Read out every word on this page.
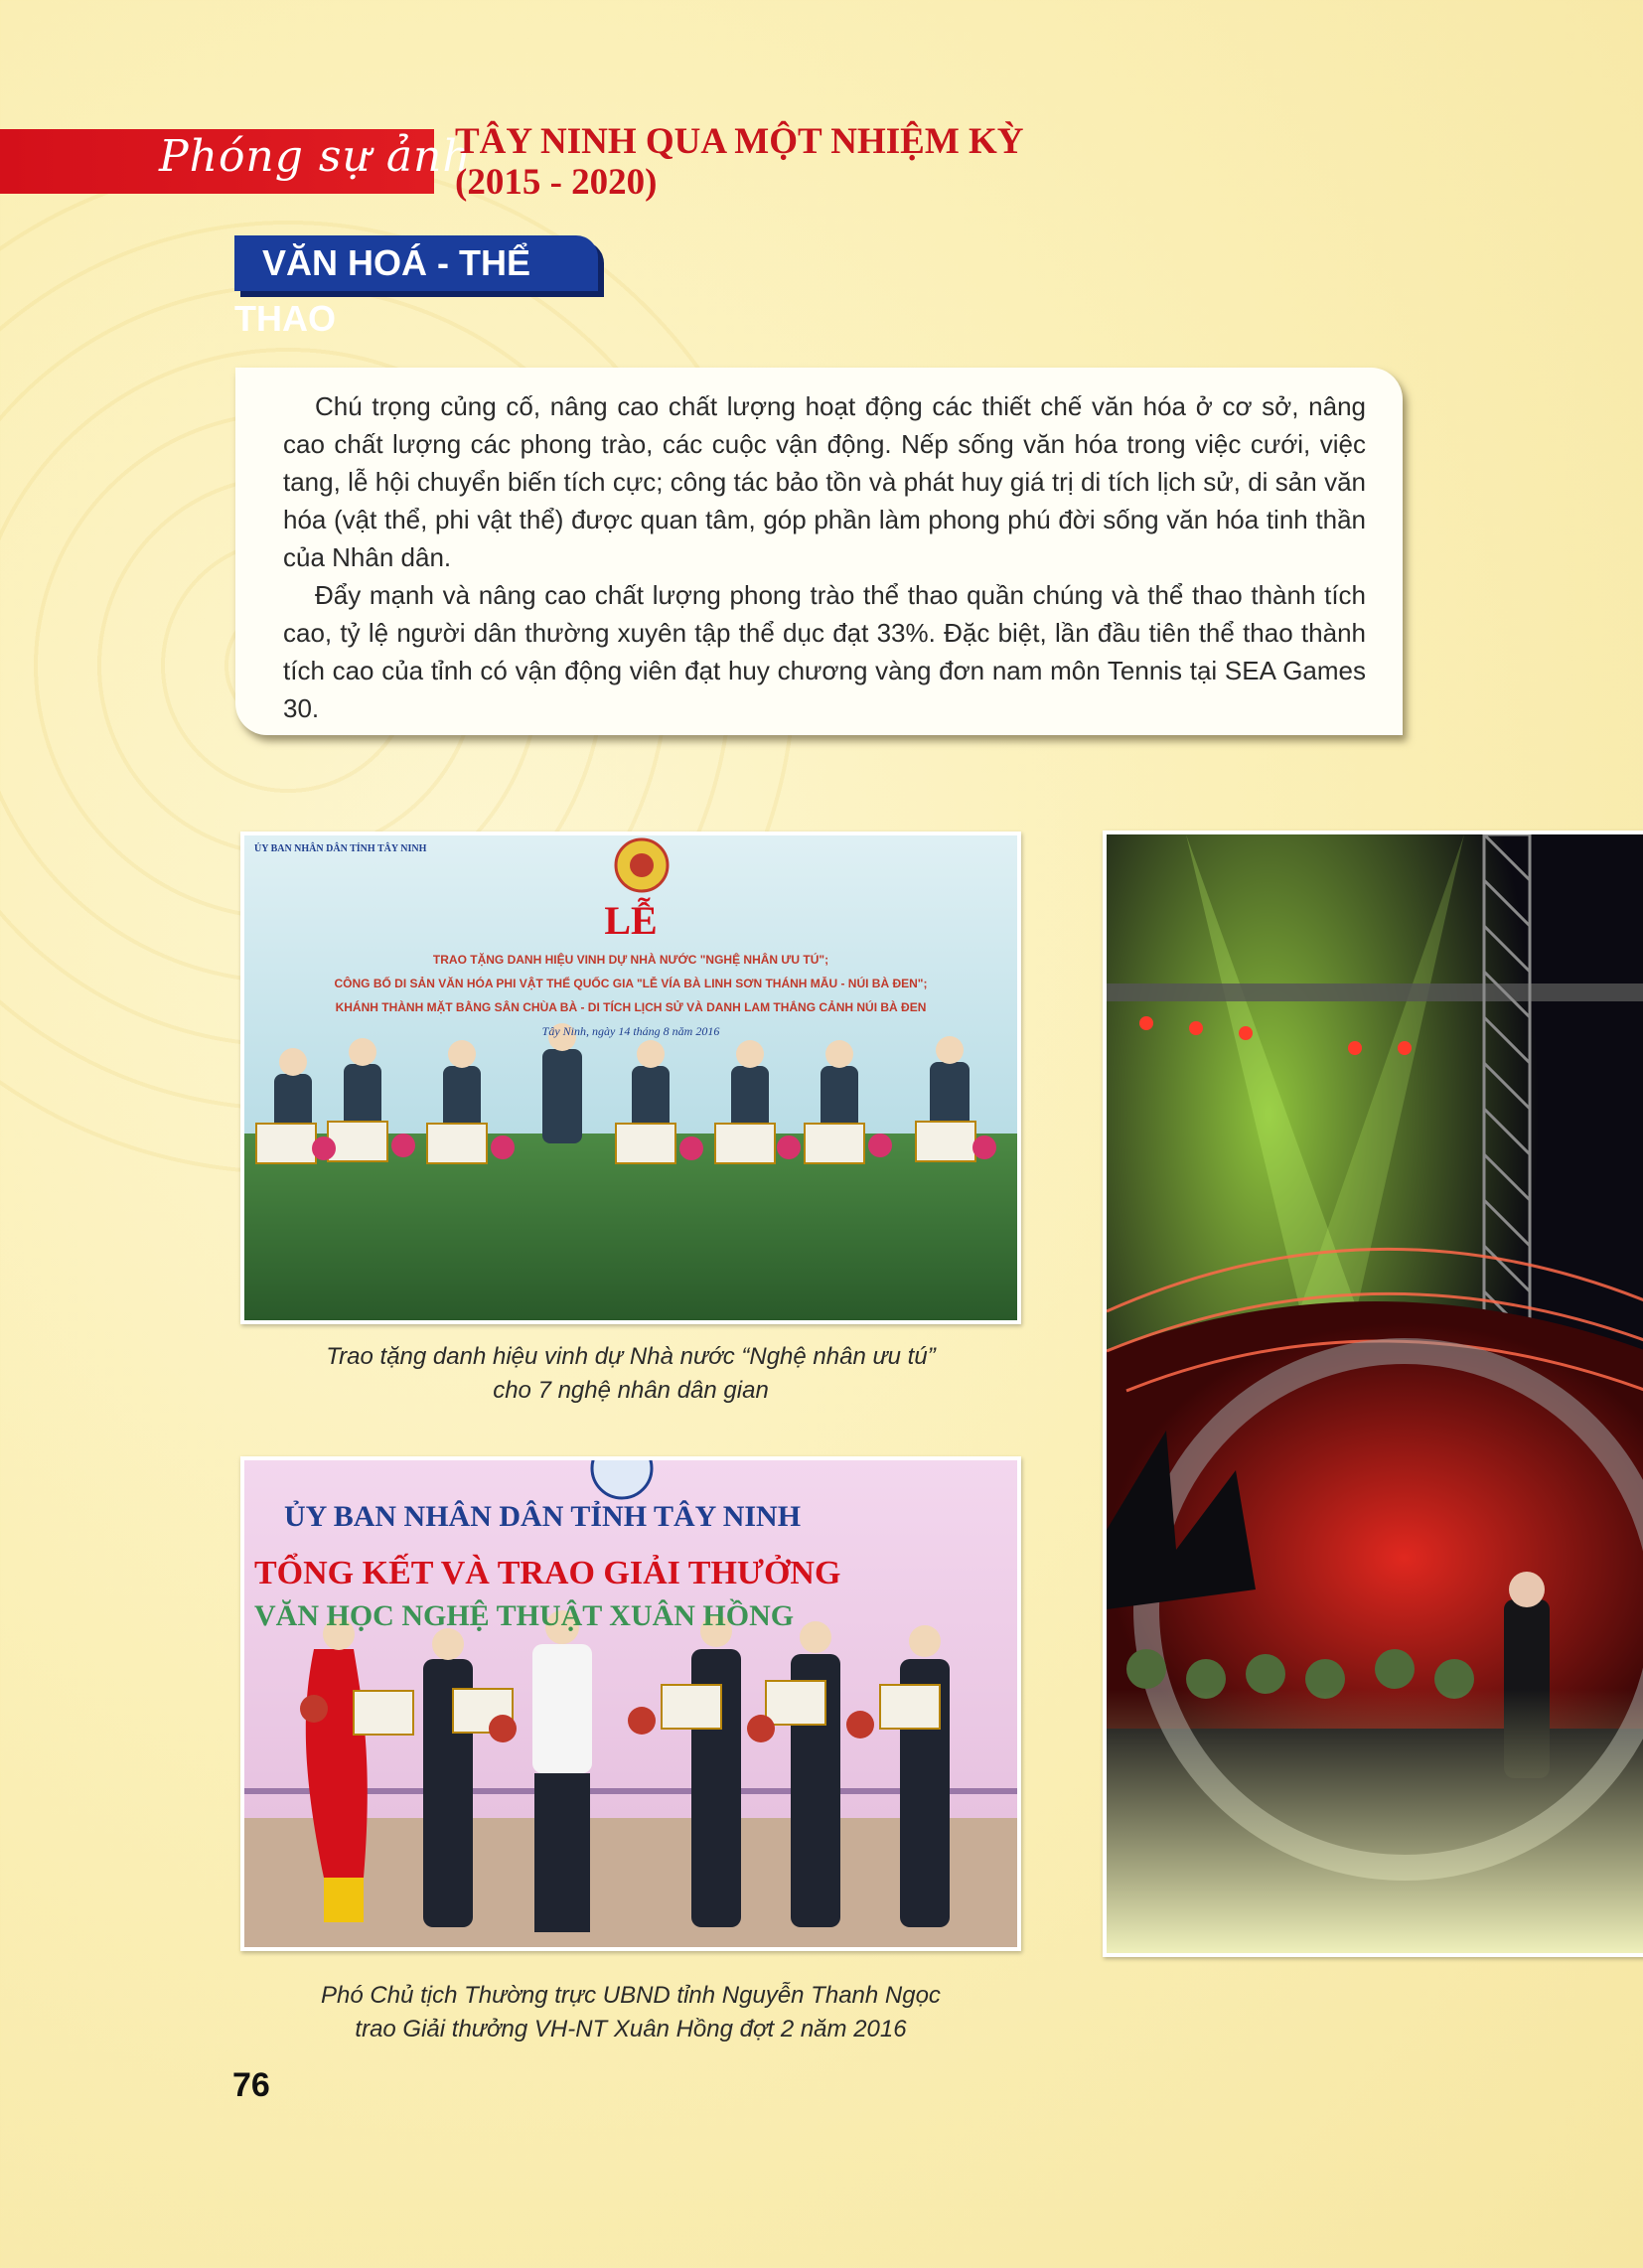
Phóng sự ảnh
TÂY NINH QUA MỘT NHIỆM KỲ
(2015 - 2020)
VĂN HOÁ - THỂ THAO

Chú trọng củng cố, nâng cao chất lượng hoạt động các thiết chế văn hóa ở cơ sở, nâng cao chất lượng các phong trào, các cuộc vận động. Nếp sống văn hóa trong việc cưới, việc tang, lễ hội chuyển biến tích cực; công tác bảo tồn và phát huy giá trị di tích lịch sử, di sản văn hóa (vật thể, phi vật thể) được quan tâm, góp phần làm phong phú đời sống văn hóa tinh thần của Nhân dân.

Đẩy mạnh và nâng cao chất lượng phong trào thể thao quần chúng và thể thao thành tích cao, tỷ lệ người dân thường xuyên tập thể dục đạt 33%. Đặc biệt, lần đầu tiên thể thao thành tích cao của tỉnh có vận động viên đạt huy chương vàng đơn nam môn Tennis tại SEA Games 30.

ỦY BAN NHÂN DÂN TỈNH TÂY NINH
LỄ
TRAO TẶNG DANH HIỆU VINH DỰ NHÀ NƯỚC "NGHỆ NHÂN ƯU TÚ";
CÔNG BỐ DI SẢN VĂN HÓA PHI VẬT THỂ QUỐC GIA "LỄ VÍA BÀ LINH SƠN THÁNH MẪU - NÚI BÀ ĐEN";
KHÁNH THÀNH MẶT BẰNG SÂN CHÙA BÀ - DI TÍCH LỊCH SỬ VÀ DANH LAM THẮNG CẢNH NÚI BÀ ĐEN
Tây Ninh, ngày 14 tháng 8 năm 2016
Trao tặng danh hiệu vinh dự Nhà nước “Nghệ nhân ưu tú”
cho 7 nghệ nhân dân gian
ỦY BAN NHÂN DÂN TỈNH TÂY NINH
TỔNG KẾT VÀ TRAO GIẢI THƯỞNG
VĂN HỌC NGHỆ THUẬT XUÂN HỒNG
Phó Chủ tịch Thường trực UBND tỉnh Nguyễn Thanh Ngọc
trao Giải thưởng VH-NT Xuân Hồng đợt 2 năm 2016
76
